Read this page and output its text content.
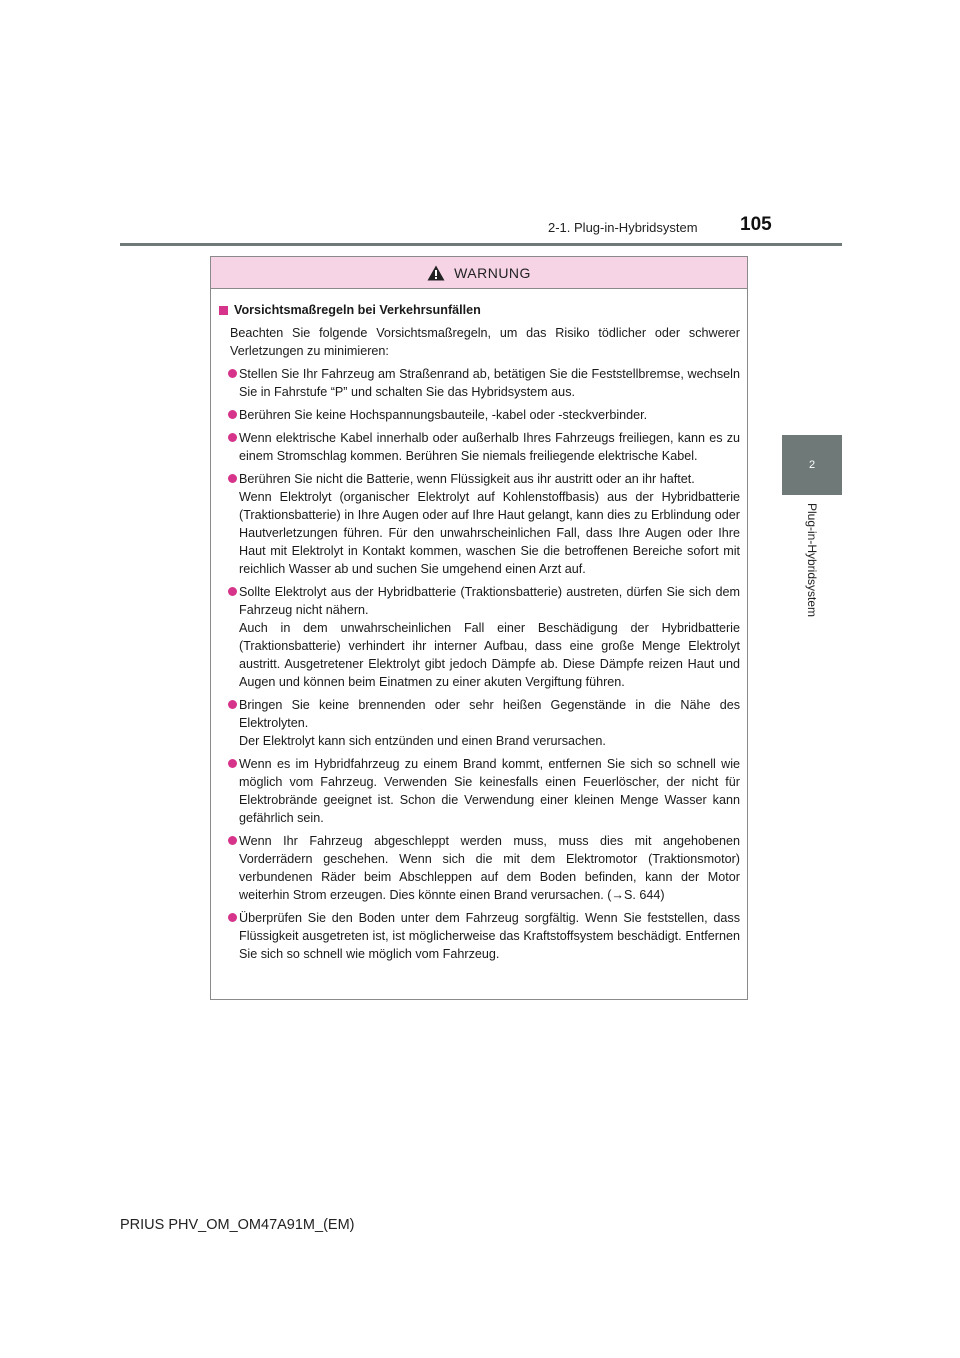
2-1. Plug-in-Hybridsystem 105
2
Plug-in-Hybridsystem
WARNUNG
Vorsichtsmaßregeln bei Verkehrsunfällen
Beachten Sie folgende Vorsichtsmaßregeln, um das Risiko tödlicher oder schwerer Verletzungen zu minimieren:
Stellen Sie Ihr Fahrzeug am Straßenrand ab, betätigen Sie die Feststellbremse, wechseln Sie in Fahrstufe “P” und schalten Sie das Hybridsystem aus.
Berühren Sie keine Hochspannungsbauteile, -kabel oder -steckverbinder.
Wenn elektrische Kabel innerhalb oder außerhalb Ihres Fahrzeugs freiliegen, kann es zu einem Stromschlag kommen. Berühren Sie niemals freiliegende elektrische Kabel.
Berühren Sie nicht die Batterie, wenn Flüssigkeit aus ihr austritt oder an ihr haftet.
Wenn Elektrolyt (organischer Elektrolyt auf Kohlenstoffbasis) aus der Hybridbatterie (Traktionsbatterie) in Ihre Augen oder auf Ihre Haut gelangt, kann dies zu Erblindung oder Hautverletzungen führen. Für den unwahrscheinlichen Fall, dass Ihre Augen oder Ihre Haut mit Elektrolyt in Kontakt kommen, waschen Sie die betroffenen Bereiche sofort mit reichlich Wasser ab und suchen Sie umgehend einen Arzt auf.
Sollte Elektrolyt aus der Hybridbatterie (Traktionsbatterie) austreten, dürfen Sie sich dem Fahrzeug nicht nähern.
Auch in dem unwahrscheinlichen Fall einer Beschädigung der Hybridbatterie (Traktionsbatterie) verhindert ihr interner Aufbau, dass eine große Menge Elektrolyt austritt. Ausgetretener Elektrolyt gibt jedoch Dämpfe ab. Diese Dämpfe reizen Haut und Augen und können beim Einatmen zu einer akuten Vergiftung führen.
Bringen Sie keine brennenden oder sehr heißen Gegenstände in die Nähe des Elektrolyten.
Der Elektrolyt kann sich entzünden und einen Brand verursachen.
Wenn es im Hybridfahrzeug zu einem Brand kommt, entfernen Sie sich so schnell wie möglich vom Fahrzeug. Verwenden Sie keinesfalls einen Feuerlöscher, der nicht für Elektrobrände geeignet ist. Schon die Verwendung einer kleinen Menge Wasser kann gefährlich sein.
Wenn Ihr Fahrzeug abgeschleppt werden muss, muss dies mit angehobenen Vorderrädern geschehen. Wenn sich die mit dem Elektromotor (Traktionsmotor) verbundenen Räder beim Abschleppen auf dem Boden befinden, kann der Motor weiterhin Strom erzeugen. Dies könnte einen Brand verursachen. (→S. 644)
Überprüfen Sie den Boden unter dem Fahrzeug sorgfältig. Wenn Sie feststellen, dass Flüssigkeit ausgetreten ist, ist möglicherweise das Kraftstoffsystem beschädigt. Entfernen Sie sich so schnell wie möglich vom Fahrzeug.
PRIUS PHV_OM_OM47A91M_(EM)
